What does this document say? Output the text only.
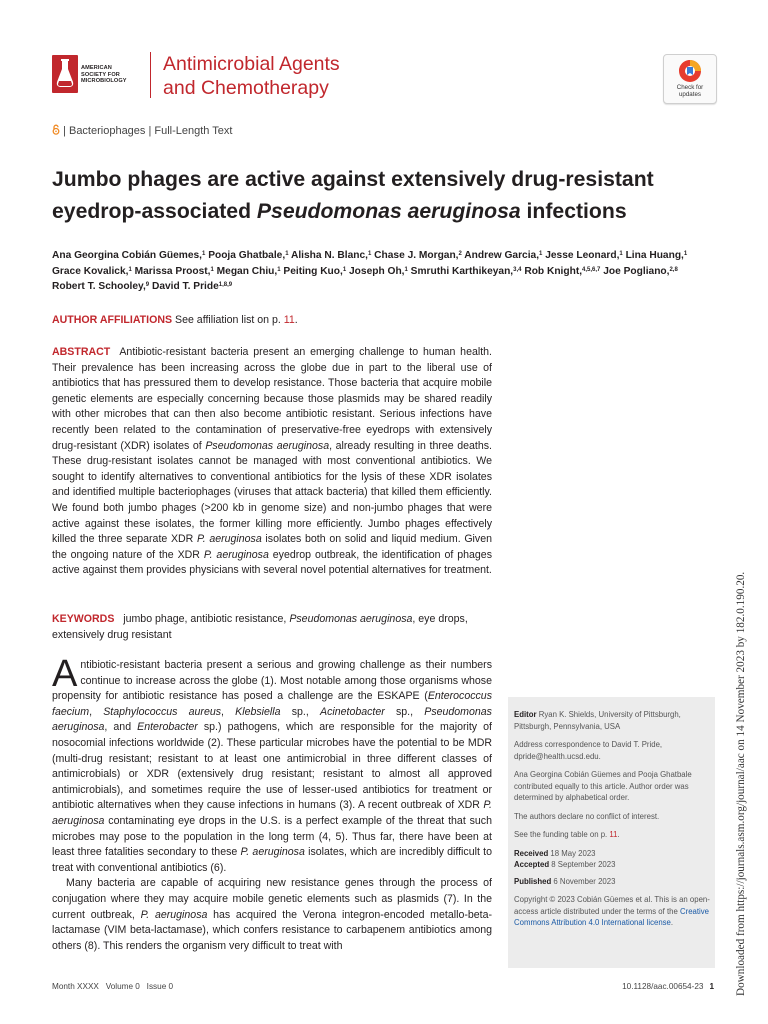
AMERICAN
SOCIETY FOR
MICROBIOLOGY
Antimicrobial Agents
and Chemotherapy	Check for
updates
| Bacteriophages | Full-Length Text
Jumbo phages are active against extensively drug-resistant
eyedrop-associated Pseudomonas aeruginosa infections
Ana Georgina Cobián Güemes,$^1$ Pooja Ghatbale,$^1$ Alisha N. Blanc,$^1$ Chase J. Morgan,$^2$ Andrew Garcia,$^1$ Jesse Leonard,$^1$ Lina Huang,$^1$
Grace Kovalick,$^1$ Marissa Proost,$^1$ Megan Chiu,$^1$ Peiting Kuo,$^1$ Joseph Oh,$^1$ Smruthi Karthikeyan,$^{3,4}$ Rob Knight,$^{4,5,6,7}$ Joe Pogliano,$^{2,8}$
Robert T. Schooley,$^9$ David T. Pride$^{1,8,9}$
AUTHOR AFFILIATIONS See affiliation list on p. 11.
ABSTRACT Antibiotic-resistant bacteria present an emerging challenge to human health. Their prevalence has been increasing across the globe due in part to the liberal use of antibiotics that has pressured them to develop resistance. Those bacteria that acquire mobile genetic elements are especially concerning because those plasmids may be shared readily with other microbes that can then also become antibiotic resistant. Serious infections have recently been related to the contamination of preservative-free eyedrops with extensively drug-resistant (XDR) isolates of Pseudomonas aeruginosa, already resulting in three deaths. These drug-resistant isolates cannot be managed with most conventional antibiotics. We sought to identify alternatives to conventional antibiotics for the lysis of these XDR isolates and identified multiple bacteriophages (viruses that attack bacteria) that killed them efficiently. We found both jumbo phages (>200 kb in genome size) and non-jumbo phages that were active against these isolates, the former killing more efficiently. Jumbo phages effectively killed the three separate XDR P. aeruginosa isolates both on solid and liquid medium. Given the ongoing nature of the XDR P. aeruginosa eyedrop outbreak, the identification of phages active against them provides physicians with several novel potential alternatives for treatment.
KEYWORDS jumbo phage, antibiotic resistance, Pseudomonas aeruginosa, eye drops, extensively drug resistant

Antibiotic-resistant bacteria present a serious and growing challenge as their numbers continue to increase across the globe (1). Most notable among those organisms whose propensity for antibiotic resistance has posed a challenge are the ESKAPE (Enterococcus faecium, Staphylococcus aureus, Klebsiella sp., Acinetobacter sp., Pseudomonas aeruginosa, and Enterobacter sp.) pathogens, which are responsible for the majority of nosocomial infections worldwide (2). These particular microbes have the potential to be MDR (multi-drug resistant; resistant to at least one antimicrobial in three different classes of antimicrobials) or XDR (extensively drug resistant; resistant to almost all approved antimicrobials), and sometimes require the use of lesser-used antibiotics for treatment or antibiotic alternatives when they cause infections in humans (3). A recent outbreak of XDR P. aeruginosa contaminating eye drops in the U.S. is a perfect example of the threat that such microbes may pose to the population in the long term (4, 5). Thus far, there have been at least three fatalities secondary to these P. aeruginosa isolates, which are incredibly difficult to treat with conventional antibiotics (6).

Many bacteria are capable of acquiring new resistance genes through the process of conjugation where they may acquire mobile genetic elements such as plasmids (7). In the current outbreak, P. aeruginosa has acquired the Verona integron-encoded metallo-beta-lactamase (VIM beta-lactamase), which confers resistance to carbapenem antibiotics among others (8). This renders the organism very difficult to treat with

Editor Ryan K. Shields, University of Pittsburgh, Pittsburgh, Pennsylvania, USA

Address correspondence to David T. Pride, dpride@health.ucsd.edu.

Ana Georgina Cobián Güemes and Pooja Ghatbale contributed equally to this article. Author order was determined by alphabetical order.

The authors declare no conflict of interest.

See the funding table on p. 11.

Received 18 May 2023
Accepted 8 September 2023

Published 6 November 2023

Copyright © 2023 Cobián Güemes et al. This is an open-access article distributed under the terms of the Creative Commons Attribution 4.0 International license.

Month XXXX Volume 0 Issue 0	10.1128/aac.00654-23 1 Downloaded from https://journals.asm.org/journal/aac on 14 November 2023 by 182.0.190.20.
